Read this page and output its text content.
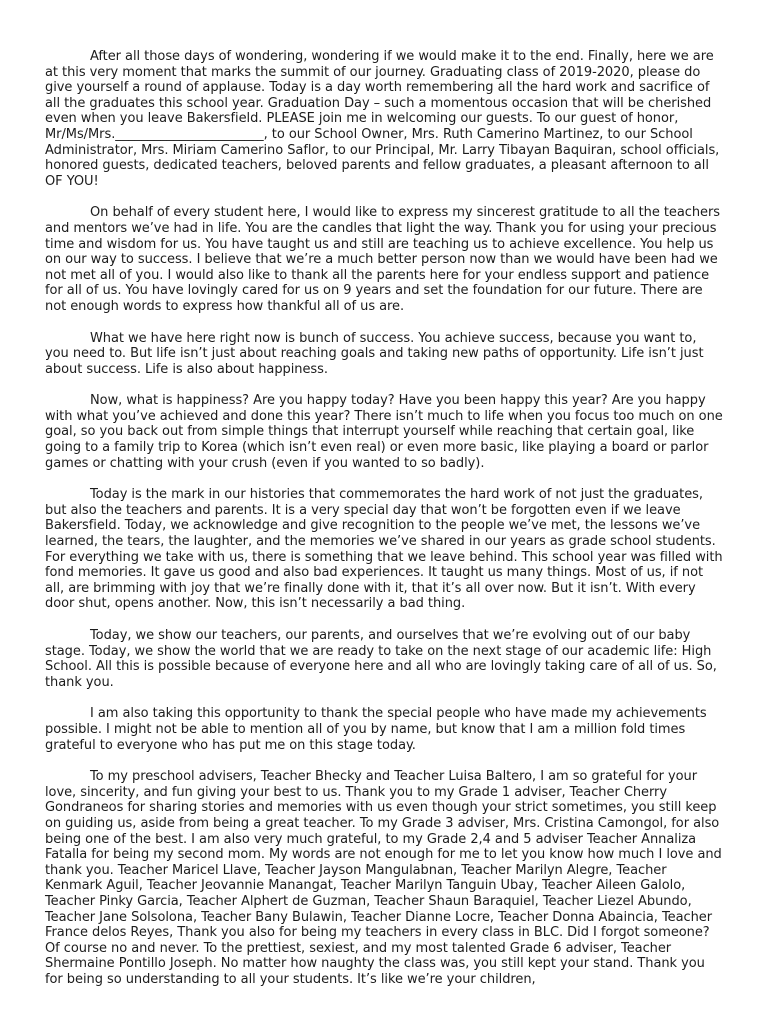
After all those days of wondering, wondering if we would make it to the end. Finally, here we are at this very moment that marks the summit of our journey. Graduating class of 2019-2020, please do give yourself a round of applause. Today is a day worth remembering all the hard work and sacrifice of all the graduates this school year. Graduation Day – such a momentous occasion that will be cherished even when you leave Bakersfield. PLEASE join me in welcoming our guests. To our guest of honor, Mr/Ms/Mrs._______________________, to our School Owner, Mrs. Ruth Camerino Martinez, to our School Administrator, Mrs. Miriam Camerino Saflor, to our Principal, Mr. Larry Tibayan Baquiran, school officials, honored guests, dedicated teachers, beloved parents and fellow graduates, a pleasant afternoon to all OF YOU!

On behalf of every student here, I would like to express my sincerest gratitude to all the teachers and mentors we’ve had in life. You are the candles that light the way. Thank you for using your precious time and wisdom for us. You have taught us and still are teaching us to achieve excellence. You help us on our way to success. I believe that we’re a much better person now than we would have been had we not met all of you. I would also like to thank all the parents here for your endless support and patience for all of us. You have lovingly cared for us on 9 years and set the foundation for our future. There are not enough words to express how thankful all of us are.

What we have here right now is bunch of success. You achieve success, because you want to, you need to. But life isn’t just about reaching goals and taking new paths of opportunity. Life isn’t just about success. Life is also about happiness.

Now, what is happiness? Are you happy today? Have you been happy this year? Are you happy with what you’ve achieved and done this year? There isn’t much to life when you focus too much on one goal, so you back out from simple things that interrupt yourself while reaching that certain goal, like going to a family trip to Korea (which isn’t even real) or even more basic, like playing a board or parlor games or chatting with your crush (even if you wanted to so badly).

Today is the mark in our histories that commemorates the hard work of not just the graduates, but also the teachers and parents. It is a very special day that won’t be forgotten even if we leave Bakersfield. Today, we acknowledge and give recognition to the people we’ve met, the lessons we’ve learned, the tears, the laughter, and the memories we’ve shared in our years as grade school students. For everything we take with us, there is something that we leave behind. This school year was filled with fond memories. It gave us good and also bad experiences. It taught us many things. Most of us, if not all, are brimming with joy that we’re finally done with it, that it’s all over now. But it isn’t. With every door shut, opens another. Now, this isn’t necessarily a bad thing.

Today, we show our teachers, our parents, and ourselves that we’re evolving out of our baby stage. Today, we show the world that we are ready to take on the next stage of our academic life: High School. All this is possible because of everyone here and all who are lovingly taking care of all of us. So, thank you.

I am also taking this opportunity to thank the special people who have made my achievements possible. I might not be able to mention all of you by name, but know that I am a million fold times grateful to everyone who has put me on this stage today.

To my preschool advisers, Teacher Bhecky and Teacher Luisa Baltero, I am so grateful for your love, sincerity, and fun giving your best to us. Thank you to my Grade 1 adviser, Teacher Cherry Gondraneos for sharing stories and memories with us even though your strict sometimes, you still keep on guiding us, aside from being a great teacher. To my Grade 3 adviser, Mrs. Cristina Camongol, for also being one of the best. I am also very much grateful, to my Grade 2,4 and 5 adviser Teacher Annaliza Fatalla for being my second mom. My words are not enough for me to let you know how much I love and thank you. Teacher Maricel Llave, Teacher Jayson Mangulabnan, Teacher Marilyn Alegre, Teacher Kenmark Aguil, Teacher Jeovannie Manangat, Teacher Marilyn Tanguin Ubay, Teacher Aileen Galolo, Teacher Pinky Garcia, Teacher Alphert de Guzman, Teacher Shaun Baraquiel, Teacher Liezel Abundo, Teacher Jane Solsolona, Teacher Bany Bulawin, Teacher Dianne Locre, Teacher Donna Abaincia, Teacher France delos Reyes, Thank you also for being my teachers in every class in BLC. Did I forgot someone? Of course no and never. To the prettiest, sexiest, and my most talented Grade 6 adviser, Teacher Shermaine Pontillo Joseph. No matter how naughty the class was, you still kept your stand. Thank you for being so understanding to all your students. It’s like we’re your children,
